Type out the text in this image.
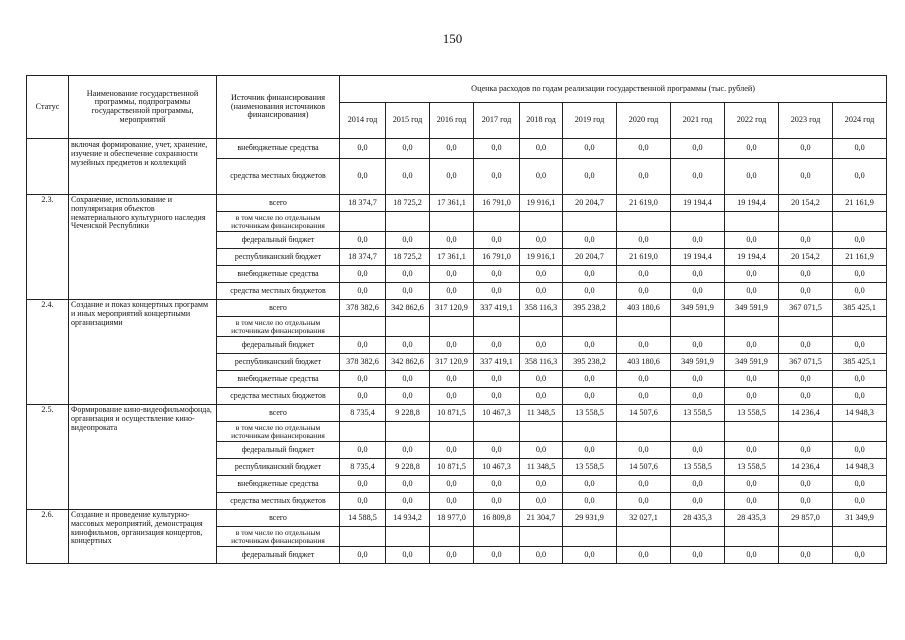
150
Статус	Наименование государственной программы, подпрограммы государственной программы, мероприятий	Источник финансирования (наименования источников финансирования)	Оценка расходов по годам реализации государственной программы (тыс. рублей)										
			2014 год	2015 год	2016 год	2017 год	2018 год	2019 год	2020 год	2021 год	2022 год	2023 год	2024 год
	включая формирование, учет, хранение, изучение и обеспечение сохранности музейных предметов и коллекций	внебюджетные средства	0,0	0,0	0,0	0,0	0,0	0,0	0,0	0,0	0,0	0,0	0,0
		средства местных бюджетов	0,0	0,0	0,0	0,0	0,0	0,0	0,0	0,0	0,0	0,0	0,0
2.3.	Сохранение, использование и популяризация объектов нематериального культурного наследия Чеченской Республики	всего	18 374,7	18 725,2	17 361,1	16 791,0	19 916,1	20 204,7	21 619,0	19 194,4	19 194,4	20 154,2	21 161,9
		в том числе по отдельным источникам финансирования											
		федеральный бюджет	0,0	0,0	0,0	0,0	0,0	0,0	0,0	0,0	0,0	0,0	0,0
		республиканский бюджет	18 374,7	18 725,2	17 361,1	16 791,0	19 916,1	20 204,7	21 619,0	19 194,4	19 194,4	20 154,2	21 161,9
		внебюджетные средства	0,0	0,0	0,0	0,0	0,0	0,0	0,0	0,0	0,0	0,0	0,0
		средства местных бюджетов	0,0	0,0	0,0	0,0	0,0	0,0	0,0	0,0	0,0	0,0	0,0
2.4.	Создание и показ концертных программ и иных мероприятий концертными организациями	всего	378 382,6	342 862,6	317 120,9	337 419,1	358 116,3	395 238,2	403 180,6	349 591,9	349 591,9	367 071,5	385 425,1
		в том числе по отдельным источникам финансирования											
		федеральный бюджет	0,0	0,0	0,0	0,0	0,0	0,0	0,0	0,0	0,0	0,0	0,0
		республиканский бюджет	378 382,6	342 862,6	317 120,9	337 419,1	358 116,3	395 238,2	403 180,6	349 591,9	349 591,9	367 071,5	385 425,1
		внебюджетные средства	0,0	0,0	0,0	0,0	0,0	0,0	0,0	0,0	0,0	0,0	0,0
		средства местных бюджетов	0,0	0,0	0,0	0,0	0,0	0,0	0,0	0,0	0,0	0,0	0,0
2.5.	Формирование кино-видеофильмофонда, организация и осуществление кино-видеопроката	всего	8 735,4	9 228,8	10 871,5	10 467,3	11 348,5	13 558,5	14 507,6	13 558,5	13 558,5	14 236,4	14 948,3
		в том числе по отдельным источникам финансирования											
		федеральный бюджет	0,0	0,0	0,0	0,0	0,0	0,0	0,0	0,0	0,0	0,0	0,0
		республиканский бюджет	8 735,4	9 228,8	10 871,5	10 467,3	11 348,5	13 558,5	14 507,6	13 558,5	13 558,5	14 236,4	14 948,3
		внебюджетные средства	0,0	0,0	0,0	0,0	0,0	0,0	0,0	0,0	0,0	0,0	0,0
		средства местных бюджетов	0,0	0,0	0,0	0,0	0,0	0,0	0,0	0,0	0,0	0,0	0,0
2.6.	Создание и проведение культурно-массовых мероприятий, демонстрация кинофильмов, организация концертов, концертных	всего	14 588,5	14 934,2	18 977,0	16 809,8	21 304,7	29 931,9	32 027,1	28 435,3	28 435,3	29 857,0	31 349,9
		в том числе по отдельным источникам финансирования											
		федеральный бюджет	0,0	0,0	0,0	0,0	0,0	0,0	0,0	0,0	0,0	0,0	0,0
